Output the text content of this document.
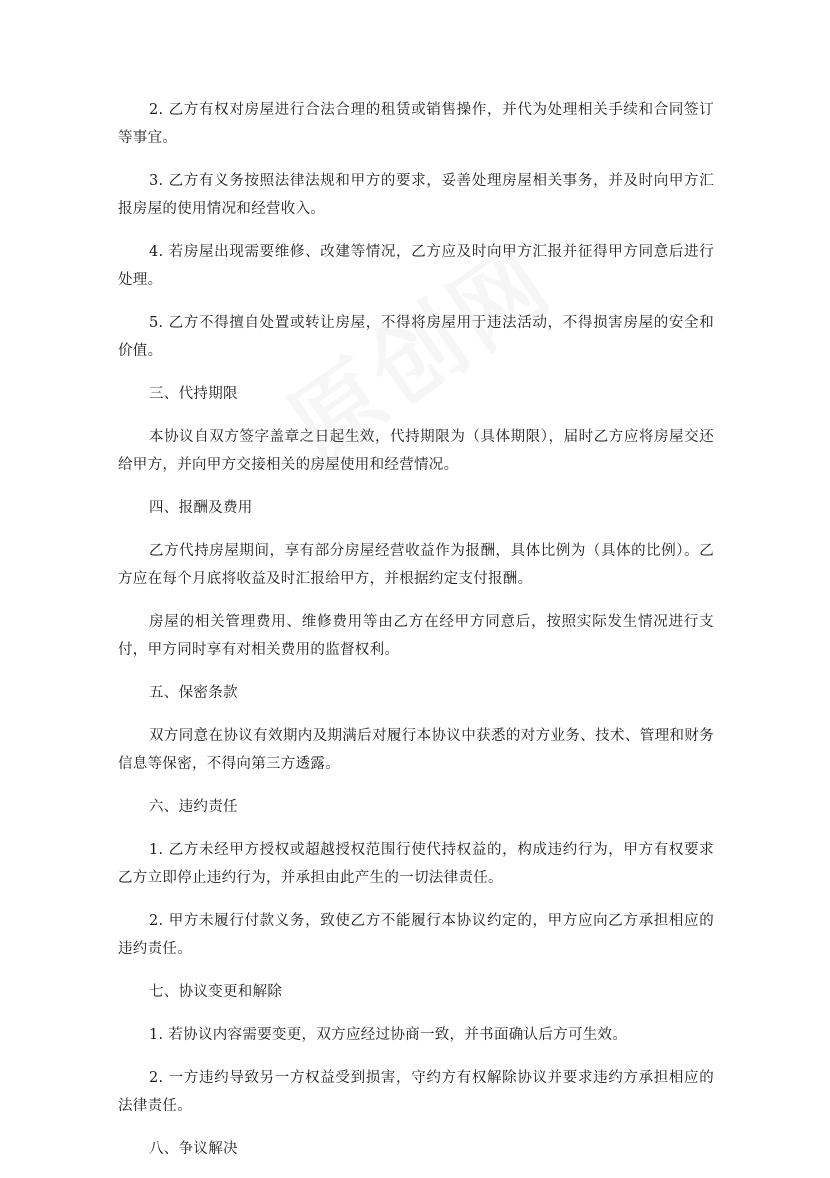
2. 乙方有权对房屋进行合法合理的租赁或销售操作，并代为处理相关手续和合同签订等事宜。

3. 乙方有义务按照法律法规和甲方的要求，妥善处理房屋相关事务，并及时向甲方汇报房屋的使用情况和经营收入。

4. 若房屋出现需要维修、改建等情况，乙方应及时向甲方汇报并征得甲方同意后进行处理。

5. 乙方不得擅自处置或转让房屋，不得将房屋用于违法活动，不得损害房屋的安全和价值。

三、代持期限

本协议自双方签字盖章之日起生效，代持期限为（具体期限），届时乙方应将房屋交还给甲方，并向甲方交接相关的房屋使用和经营情况。

四、报酬及费用

乙方代持房屋期间，享有部分房屋经营收益作为报酬，具体比例为（具体的比例）。乙方应在每个月底将收益及时汇报给甲方，并根据约定支付报酬。

房屋的相关管理费用、维修费用等由乙方在经甲方同意后，按照实际发生情况进行支付，甲方同时享有对相关费用的监督权利。

五、保密条款

双方同意在协议有效期内及期满后对履行本协议中获悉的对方业务、技术、管理和财务信息等保密，不得向第三方透露。

六、违约责任

1. 乙方未经甲方授权或超越授权范围行使代持权益的，构成违约行为，甲方有权要求乙方立即停止违约行为，并承担由此产生的一切法律责任。

2. 甲方未履行付款义务，致使乙方不能履行本协议约定的，甲方应向乙方承担相应的违约责任。

七、协议变更和解除

1. 若协议内容需要变更，双方应经过协商一致，并书面确认后方可生效。

2. 一方违约导致另一方权益受到损害，守约方有权解除协议并要求违约方承担相应的法律责任。

八、争议解决
